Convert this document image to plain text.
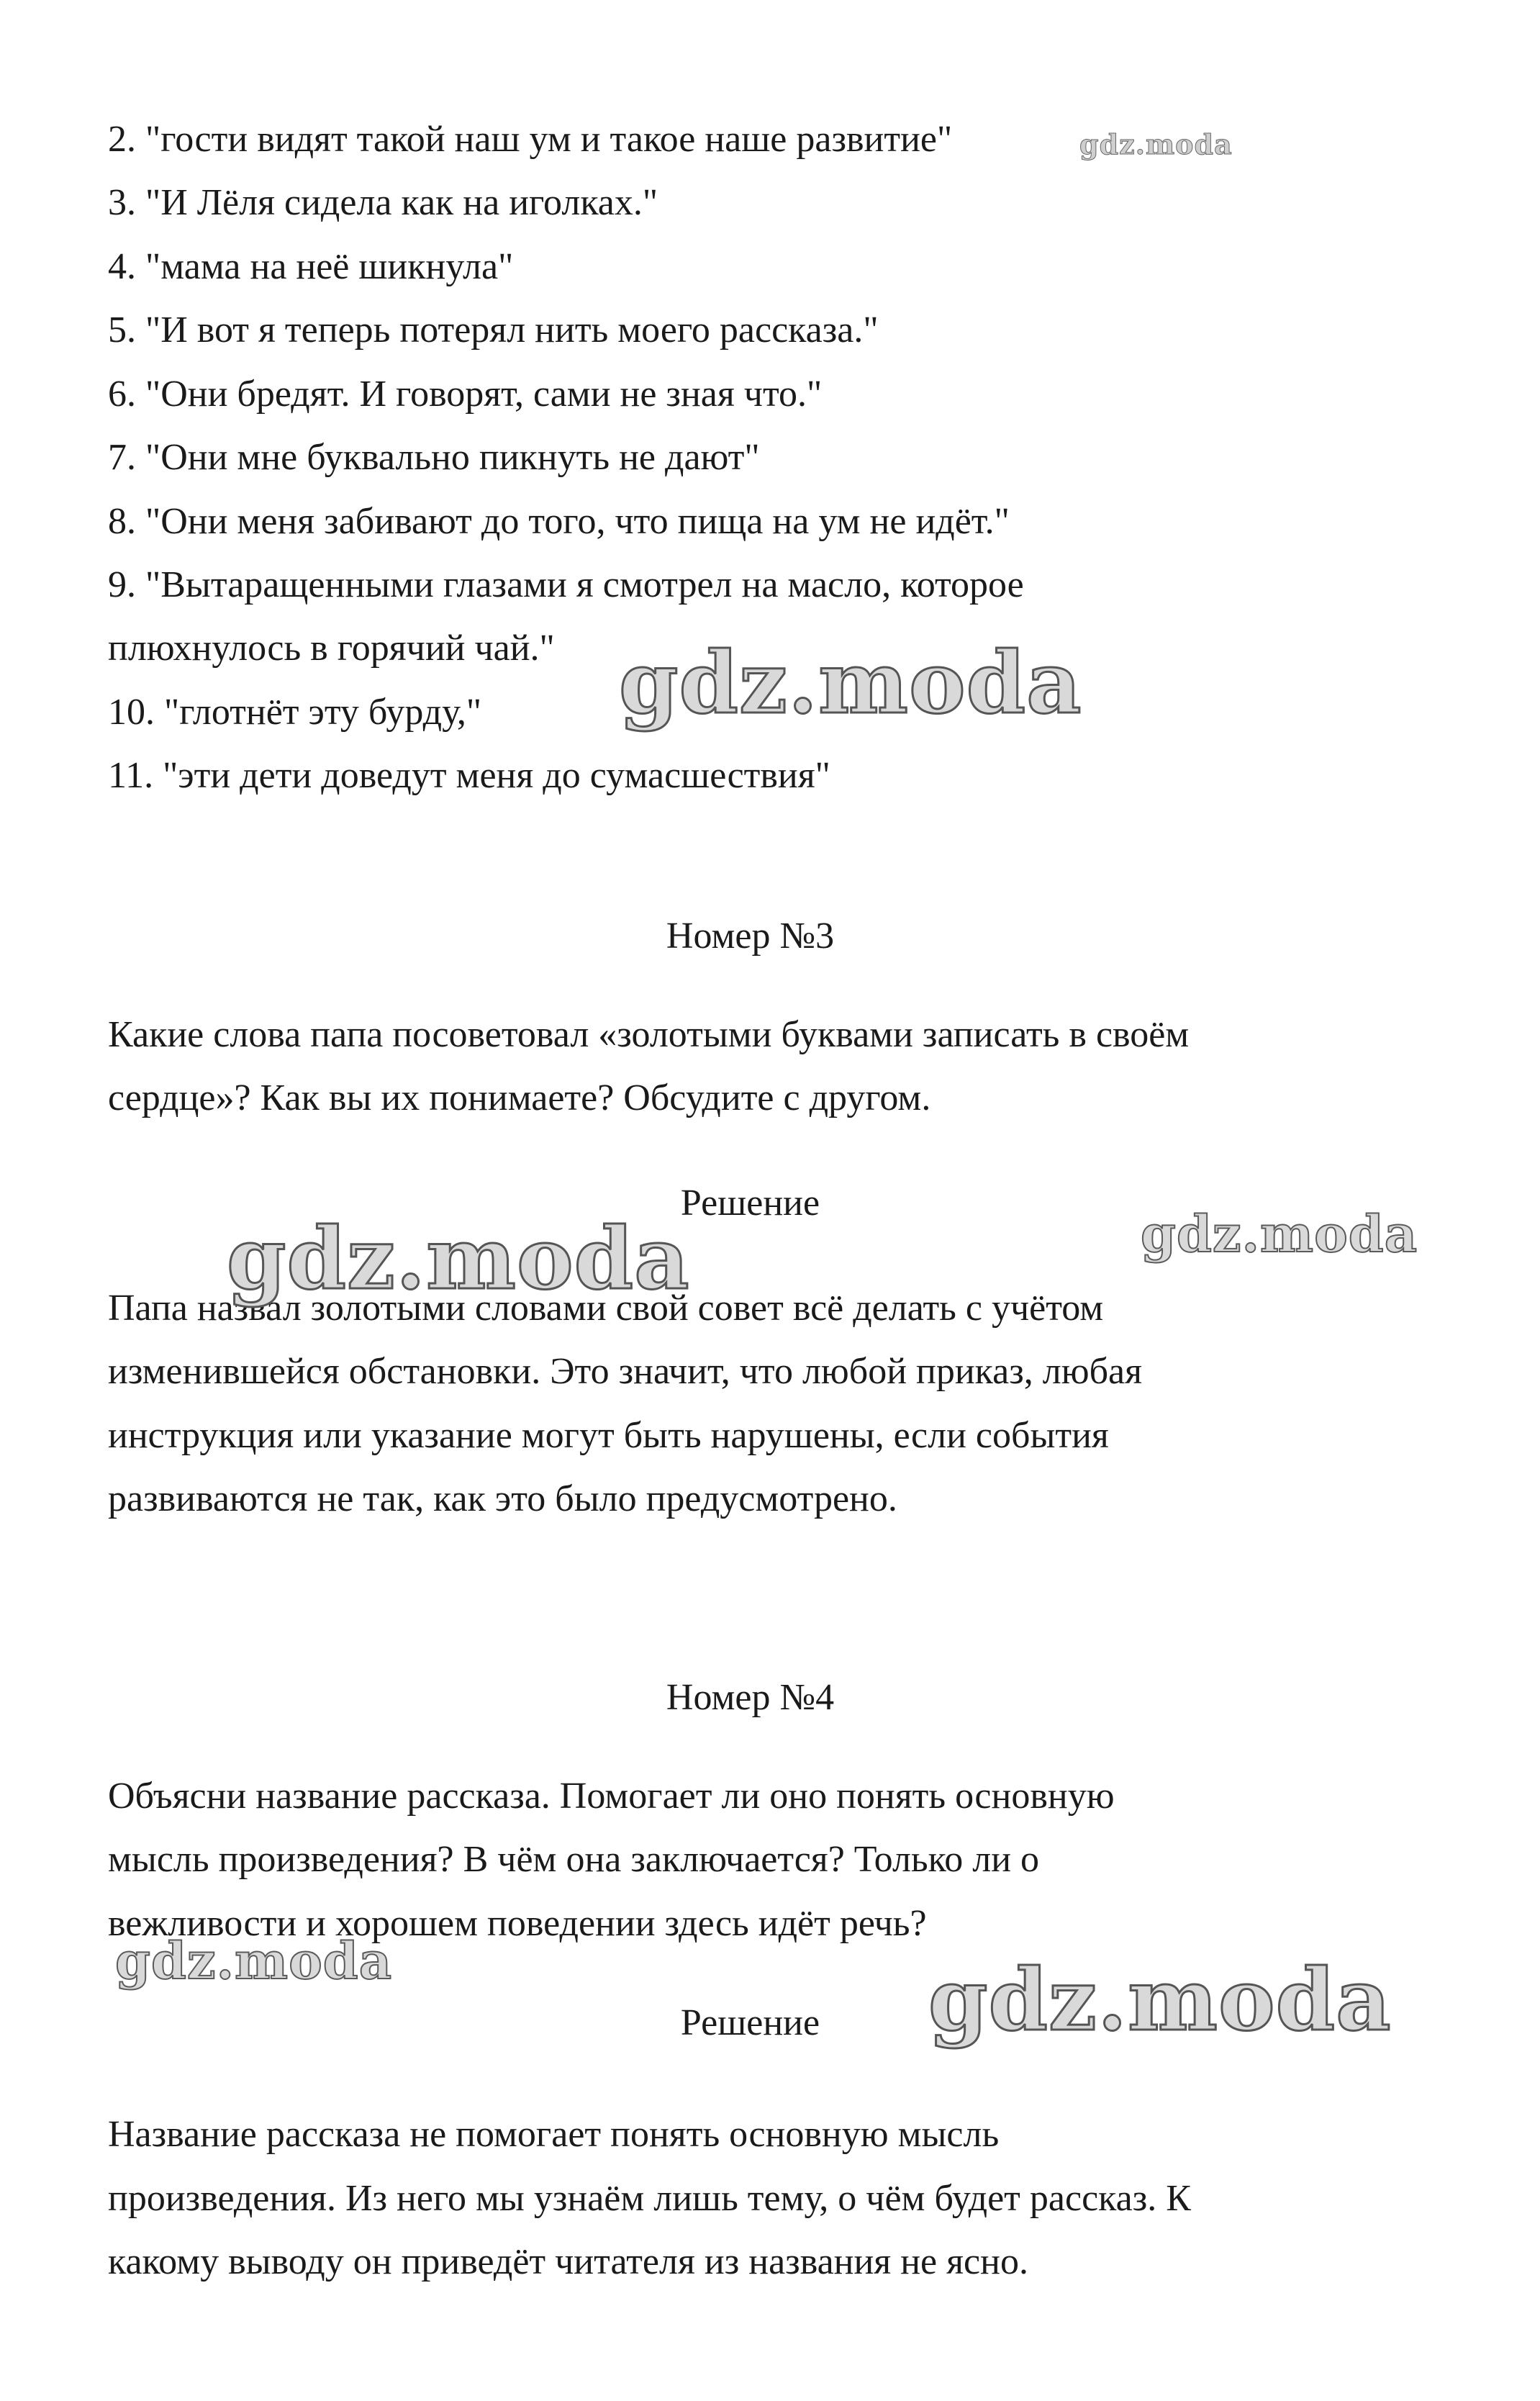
2. "гости видят такой наш ум и такое наше развитие"
3. "И Лёля сидела как на иголках."
4. "мама на неё шикнула"
5. "И вот я теперь потерял нить моего рассказа."
6. "Они бредят. И говорят, сами не зная что."
7. "Они мне буквально пикнуть не дают"
8. "Они меня забивают до того, что пища на ум не идёт."
9. "Вытаращенными глазами я смотрел на масло, которое
плюхнулось в горячий чай."
10. "глотнёт эту бурду,"
11. "эти дети доведут меня до сумасшествия"
Номер №3
Какие слова папа посоветовал «золотыми буквами записать в своём
сердце»? Как вы их понимаете? Обсудите с другом.
Решение
Папа назвал золотыми словами свой совет всё делать с учётом
изменившейся обстановки. Это значит, что любой приказ, любая
инструкция или указание могут быть нарушены, если события
развиваются не так, как это было предусмотрено.
Номер №4
Объясни название рассказа. Помогает ли оно понять основную
мысль произведения? В чём она заключается? Только ли о
вежливости и хорошем поведении здесь идёт речь?
Решение
Название рассказа не помогает понять основную мысль
произведения. Из него мы узнаём лишь тему, о чём будет рассказ. К
какому выводу он приведёт читателя из названия не ясно.
gdz.moda
gdz.moda
gdz.moda	gdz.moda
gdz.moda	gdz.moda
